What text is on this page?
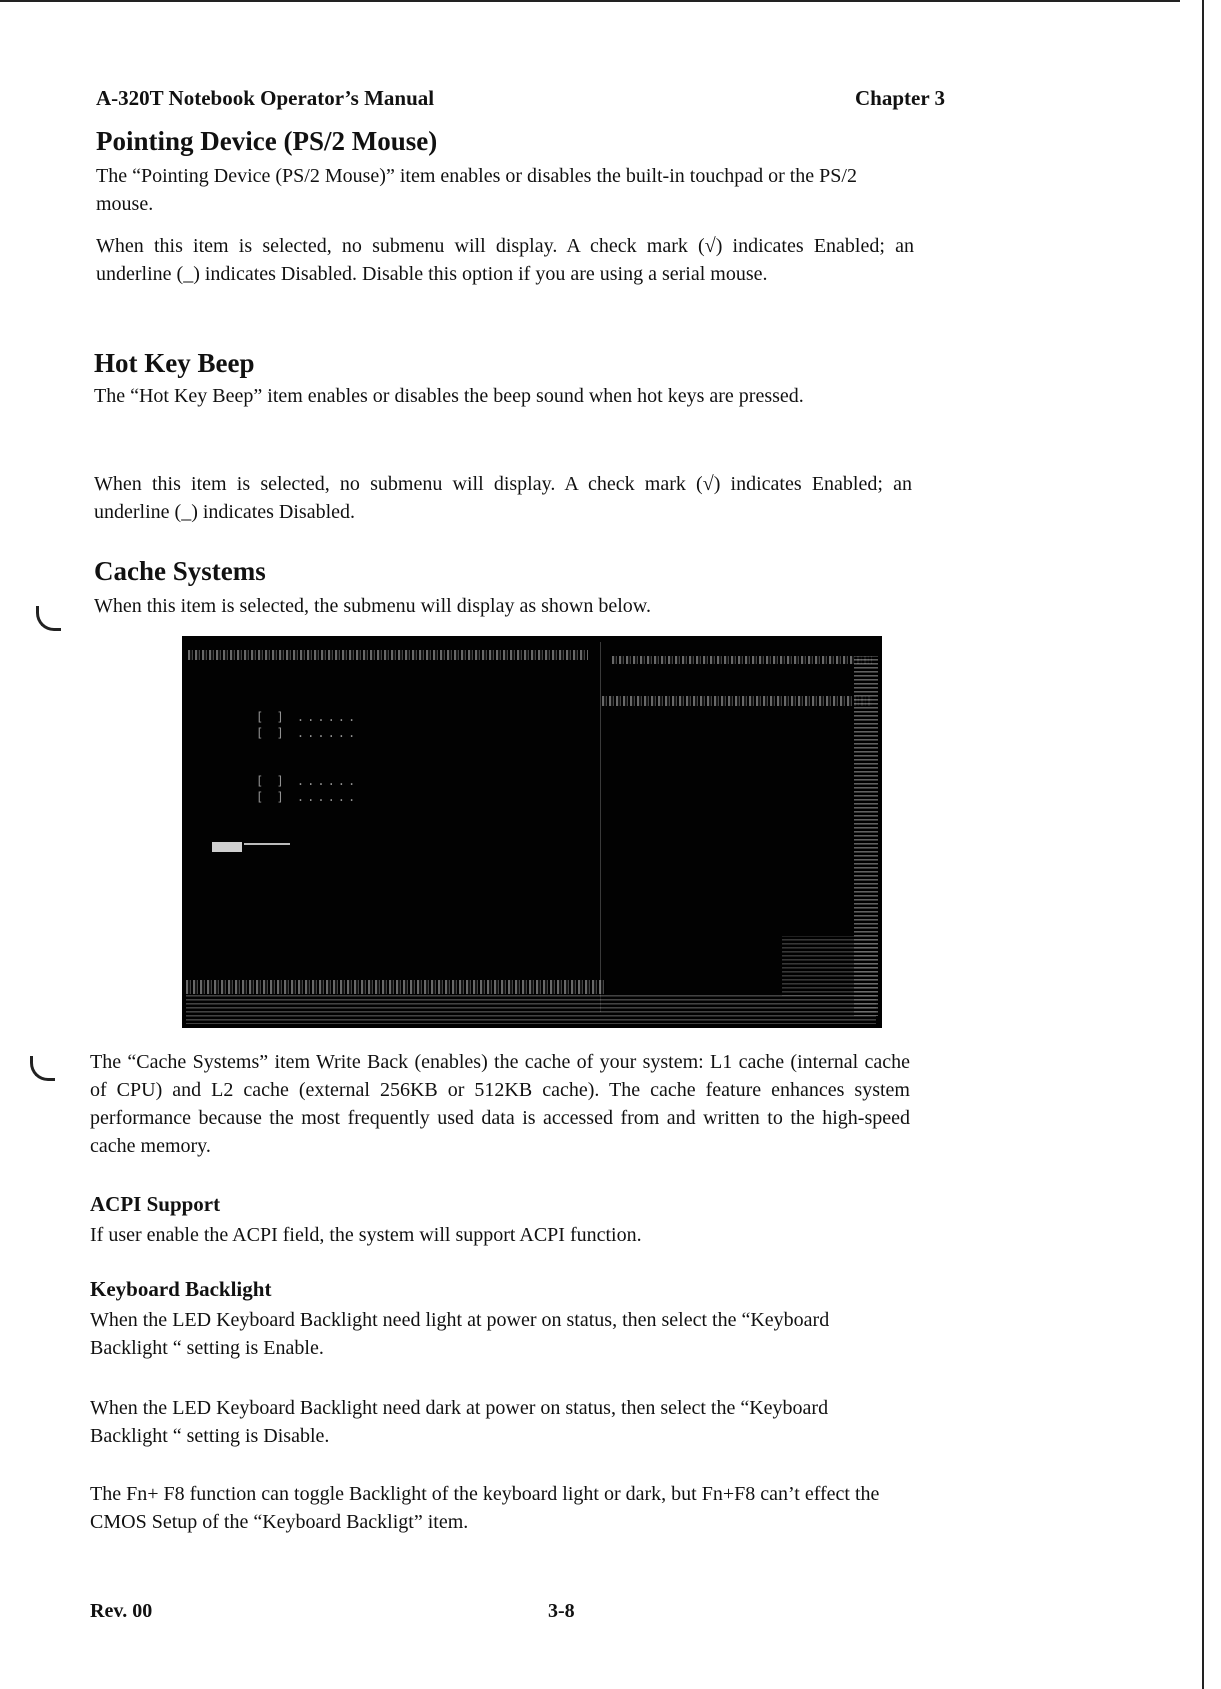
A-320T Notebook Operator’s Manual	Chapter 3
Pointing Device (PS/2 Mouse)
The “Pointing Device (PS/2 Mouse)” item enables or disables the built-in touchpad or the PS/2 mouse.
When this item is selected, no submenu will display. A check mark (√) indicates Enabled; an underline (_) indicates Disabled. Disable this option if you are using a serial mouse.
Hot Key Beep
The “Hot Key Beep” item enables or disables the beep sound when hot keys are pressed.
When this item is selected, no submenu will display. A check mark (√) indicates Enabled; an underline (_) indicates Disabled.
Cache Systems
When this item is selected, the submenu will display as shown below.
[ ] ......
[ ] ......
[ ] ......
[ ] ......
The “Cache Systems” item Write Back (enables) the cache of your system: L1 cache (internal cache of CPU) and L2 cache (external 256KB or 512KB cache). The cache feature enhances system performance because the most frequently used data is accessed from and written to the high-speed cache memory.
ACPI Support
If user enable the ACPI field, the system will support ACPI function.
Keyboard Backlight
When the LED Keyboard Backlight need light at power on status, then select the “Keyboard Backlight “ setting is Enable.
When the LED Keyboard Backlight need dark at power on status, then select the “Keyboard Backlight “ setting is Disable.
The Fn+ F8 function can toggle Backlight of the keyboard light or dark, but Fn+F8 can’t effect the CMOS Setup of the “Keyboard Backligt” item.
Rev. 00	3-8
